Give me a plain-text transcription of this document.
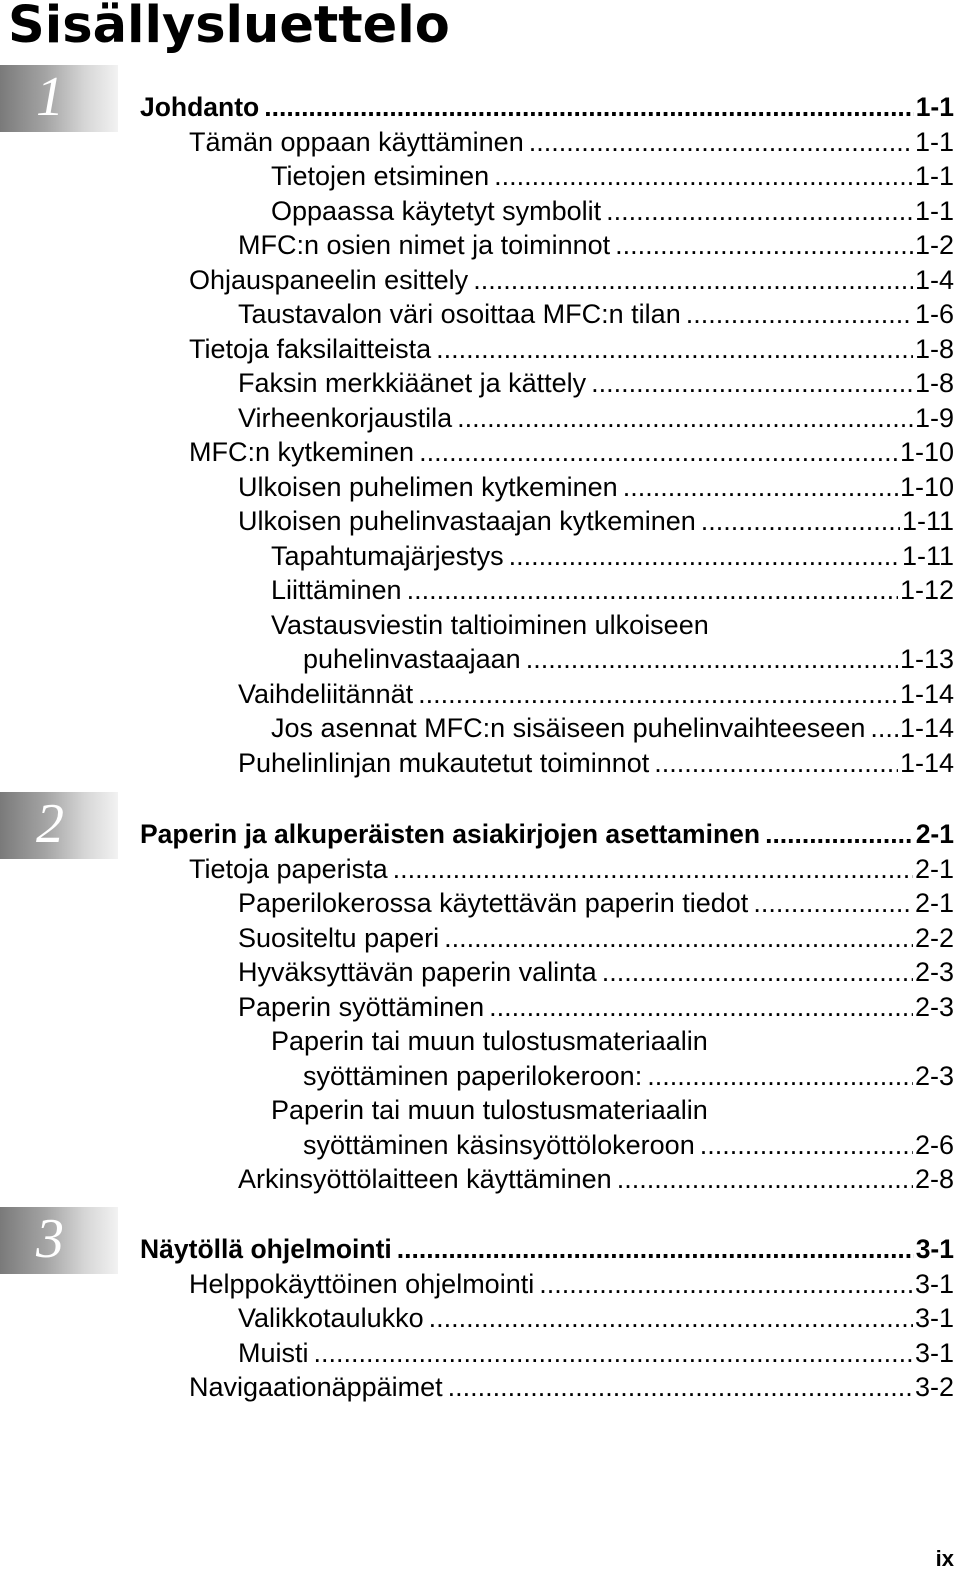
Sisällysluettelo
1	Johdanto .....	1-1
Tämän oppaan käyttäminen .....	1-1
Tietojen etsiminen .....	1-1
Oppaassa käytetyt symbolit .....	1-1
MFC:n osien nimet ja toiminnot .....	1-2
Ohjauspaneelin esittely .....	1-4
Taustavalon väri osoittaa MFC:n tilan .....	1-6
Tietoja faksilaitteista .....	1-8
Faksin merkkiäänet ja kättely .....	1-8
Virheenkorjaustila .....	1-9
MFC:n kytkeminen .....	1-10
Ulkoisen puhelimen kytkeminen .....	1-10
Ulkoisen puhelinvastaajan kytkeminen .....	1-11
Tapahtumajärjestys .....	1-11
Liittäminen .....	1-12
Vastausviestin taltioiminen ulkoiseen
puhelinvastaajaan .....	1-13
Vaihdeliitännät .....	1-14
Jos asennat MFC:n sisäiseen puhelinvaihteeseen ..... 1-14
Puhelinlinjan mukautetut toiminnot .....	1-14
2	Paperin ja alkuperäisten asiakirjojen asettaminen .....	2-1
Tietoja paperista .....	2-1
Paperilokerossa käytettävän paperin tiedot .....	2-1
Suositeltu paperi .....	2-2
Hyväksyttävän paperin valinta .....	2-3
Paperin syöttäminen .....	2-3
Paperin tai muun tulostusmateriaalin
syöttäminen paperilokeroon: .....	2-3
Paperin tai muun tulostusmateriaalin
syöttäminen käsinsyöttölokeroon .....	2-6
Arkinsyöttölaitteen käyttäminen .....	2-8
3	Näytöllä ohjelmointi .....	3-1
Helppokäyttöinen ohjelmointi .....	3-1
Valikkotaulukko .....	3-1
Muisti .....	3-1
Navigaationäppäimet .....	3-2
ix
